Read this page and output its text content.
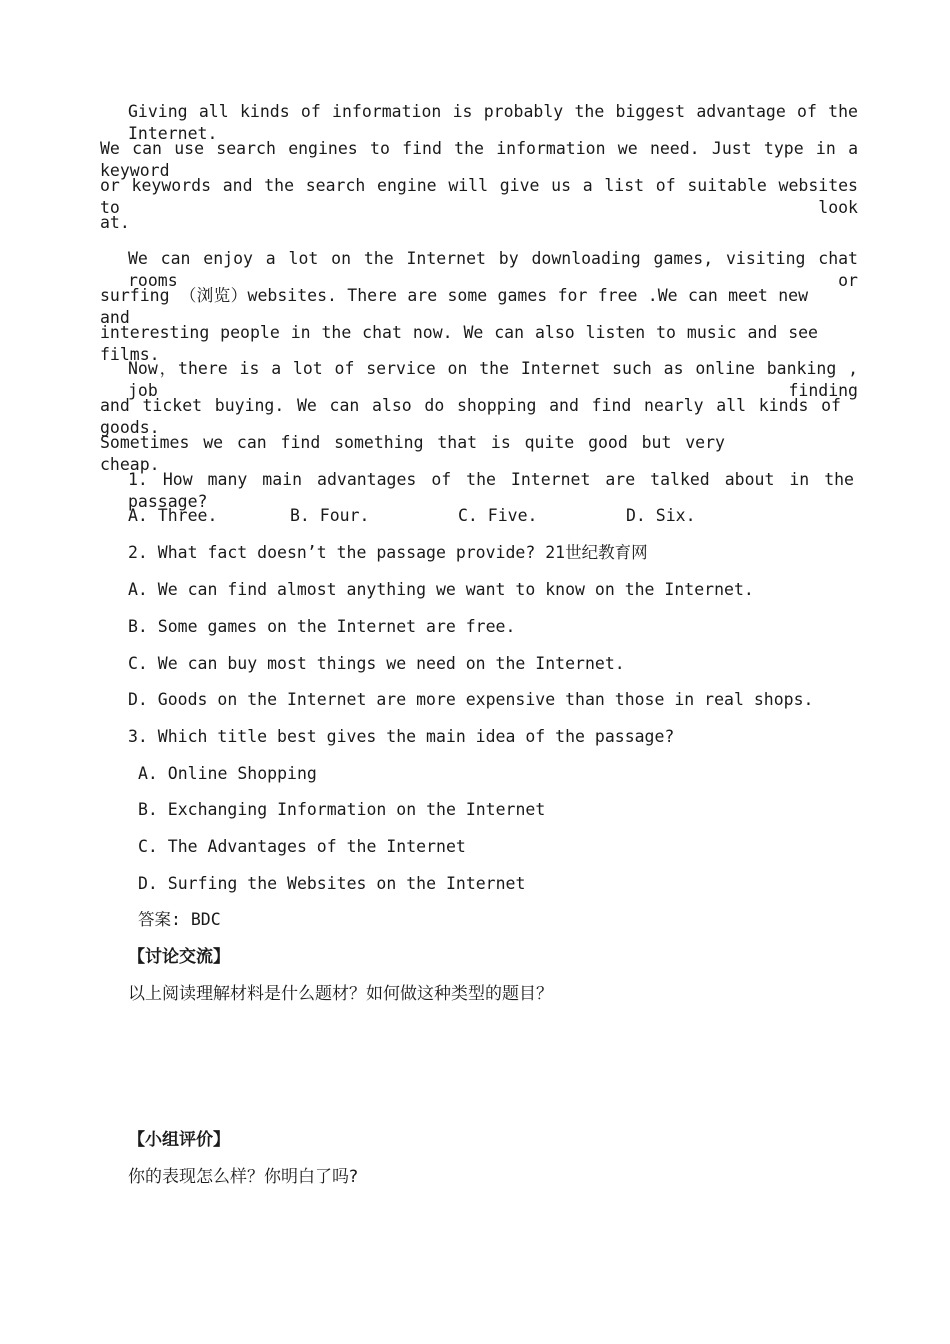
Giving all kinds of information is probably the biggest advantage of the Internet.
We can use search engines to find the information we need. Just type in a keyword
or keywords and the search engine will give us a list of suitable websites to look
at.
We can enjoy a lot on the Internet by downloading games, visiting chat rooms or
surfing （浏览）websites. There are some games for free .We can meet new and
interesting people in the chat now. We can also listen to music and see films.
Now，there is a lot of service on the Internet such as online banking , job finding
and ticket buying. We can also do shopping and find nearly all kinds of goods.
Sometimes we can find something that is quite good but very cheap.
1. How many main advantages of the Internet are talked about in the passage?
A. Three.	B. Four.	C. Five.	D. Six.
2. What fact doesn’t the passage provide? 21世纪教育网
A. We can find almost anything we want to know on the Internet.
B. Some games on the Internet are free.
C. We can buy most things we need on the Internet.
D. Goods on the Internet are more expensive than those in real shops.
3. Which title best gives the main idea of the passage?
A. Online Shopping
B. Exchanging Information on the Internet
C. The Advantages of the Internet
D. Surfing the Websites on the Internet
答案: BDC
【讨论交流】
以上阅读理解材料是什么题材？如何做这种类型的题目？
【小组评价】
你的表现怎么样？你明白了吗?
